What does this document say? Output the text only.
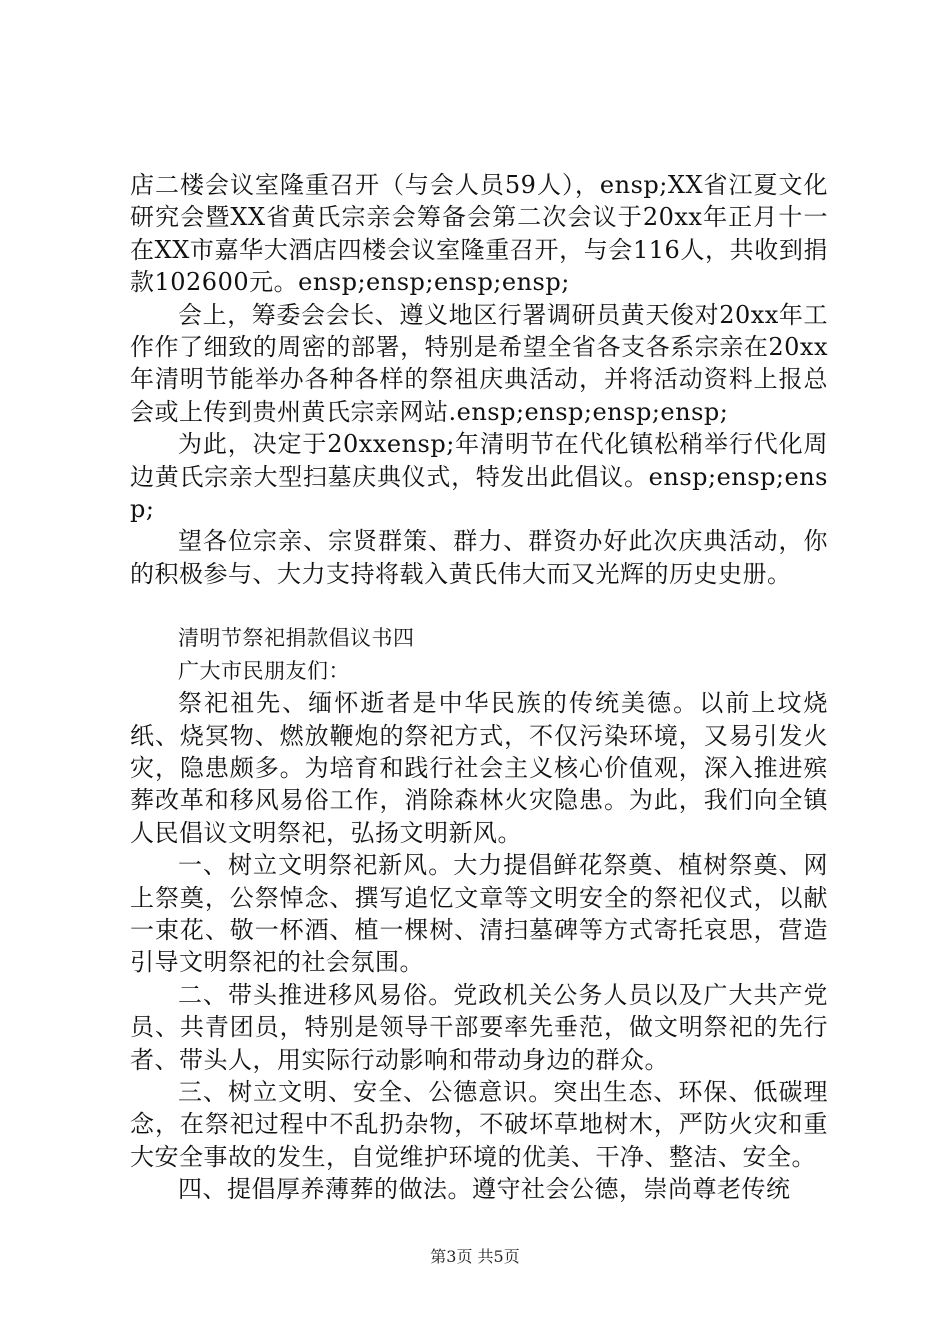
店二楼会议室隆重召开（与会人员59人），ensp;XX省江夏文化研究会暨XX省黄氏宗亲会筹备会第二次会议于20xx年正月十一在XX市嘉华大酒店四楼会议室隆重召开，与会116人，共收到捐款102600元。ensp;ensp;ensp;ensp;

会上，筹委会会长、遵义地区行署调研员黄天俊对20xx年工作作了细致的周密的部署，特别是希望全省各支各系宗亲在20xx年清明节能举办各种各样的祭祖庆典活动，并将活动资料上报总会或上传到贵州黄氏宗亲网站.ensp;ensp;ensp;ensp;

为此，决定于20xxensp;年清明节在代化镇松稍举行代化周边黄氏宗亲大型扫墓庆典仪式，特发出此倡议。ensp;ensp;ensp;

望各位宗亲、宗贤群策、群力、群资办好此次庆典活动，你的积极参与、大力支持将载入黄氏伟大而又光辉的历史史册。

清明节祭祀捐款倡议书四

广大市民朋友们：

祭祀祖先、缅怀逝者是中华民族的传统美德。以前上坟烧纸、烧冥物、燃放鞭炮的祭祀方式，不仅污染环境，又易引发火灾，隐患颇多。为培育和践行社会主义核心价值观，深入推进殡葬改革和移风易俗工作，消除森林火灾隐患。为此，我们向全镇人民倡议文明祭祀，弘扬文明新风。

一、树立文明祭祀新风。大力提倡鲜花祭奠、植树祭奠、网上祭奠，公祭悼念、撰写追忆文章等文明安全的祭祀仪式，以献一束花、敬一杯酒、植一棵树、清扫墓碑等方式寄托哀思，营造引导文明祭祀的社会氛围。

二、带头推进移风易俗。党政机关公务人员以及广大共产党员、共青团员，特别是领导干部要率先垂范，做文明祭祀的先行者、带头人，用实际行动影响和带动身边的群众。

三、树立文明、安全、公德意识。突出生态、环保、低碳理念，在祭祀过程中不乱扔杂物，不破坏草地树木，严防火灾和重大安全事故的发生，自觉维护环境的优美、干净、整洁、安全。

四、提倡厚养薄葬的做法。遵守社会公德，崇尚尊老传统

第3页 共5页
